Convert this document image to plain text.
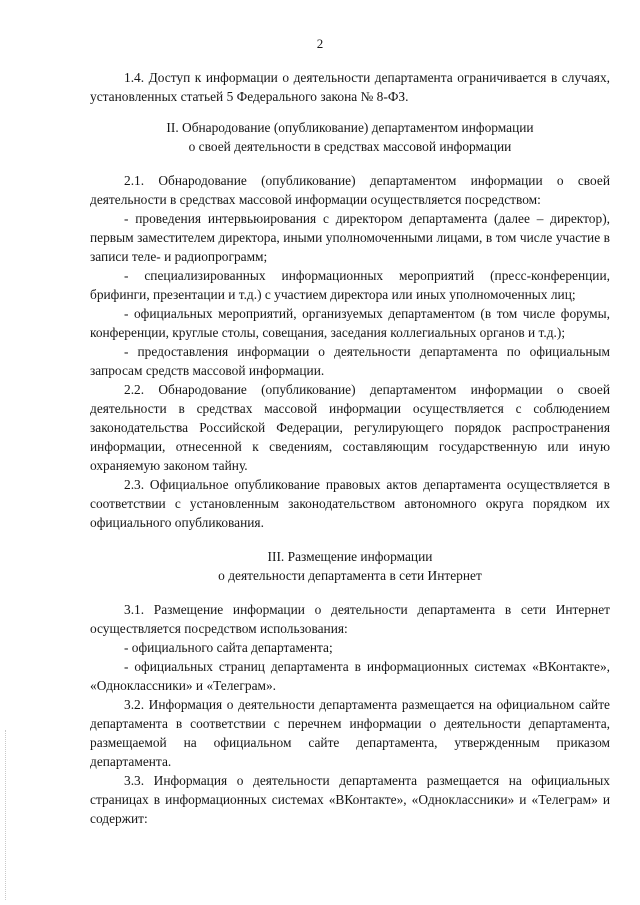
2

1.4. Доступ к информации о деятельности департамента ограничивается в случаях, установленных статьей 5 Федерального закона № 8-ФЗ.

II. Обнародование (опубликование) департаментом информации

о своей деятельности в средствах массовой информации

2.1. Обнародование (опубликование) департаментом информации о своей деятельности в средствах массовой информации осуществляется посредством:

- проведения интервьюирования с директором департамента (далее – директор), первым заместителем директора, иными уполномоченными лицами, в том числе участие в записи теле- и радиопрограмм;

- специализированных информационных мероприятий (пресс-конференции, брифинги, презентации и т.д.) с участием директора или иных уполномоченных лиц;

- официальных мероприятий, организуемых департаментом (в том числе форумы, конференции, круглые столы, совещания, заседания коллегиальных органов и т.д.);

- предоставления информации о деятельности департамента по официальным запросам средств массовой информации.

2.2. Обнародование (опубликование) департаментом информации о своей деятельности в средствах массовой информации осуществляется с соблюдением законодательства Российской Федерации, регулирующего порядок распространения информации, отнесенной к сведениям, составляющим государственную или иную охраняемую законом тайну.

2.3. Официальное опубликование правовых актов департамента осуществляется в соответствии с установленным законодательством автономного округа порядком их официального опубликования.

III. Размещение информации

о деятельности департамента в сети Интернет

3.1. Размещение информации о деятельности департамента в сети Интернет осуществляется посредством использования:

- официального сайта департамента;

- официальных страниц департамента в информационных системах «ВКонтакте», «Одноклассники» и «Телеграм».

3.2. Информация о деятельности департамента размещается на официальном сайте департамента в соответствии с перечнем информации о деятельности департамента, размещаемой на официальном сайте департамента, утвержденным приказом департамента.

3.3. Информация о деятельности департамента размещается на официальных страницах в информационных системах «ВКонтакте», «Одноклассники» и «Телеграм» и содержит:
